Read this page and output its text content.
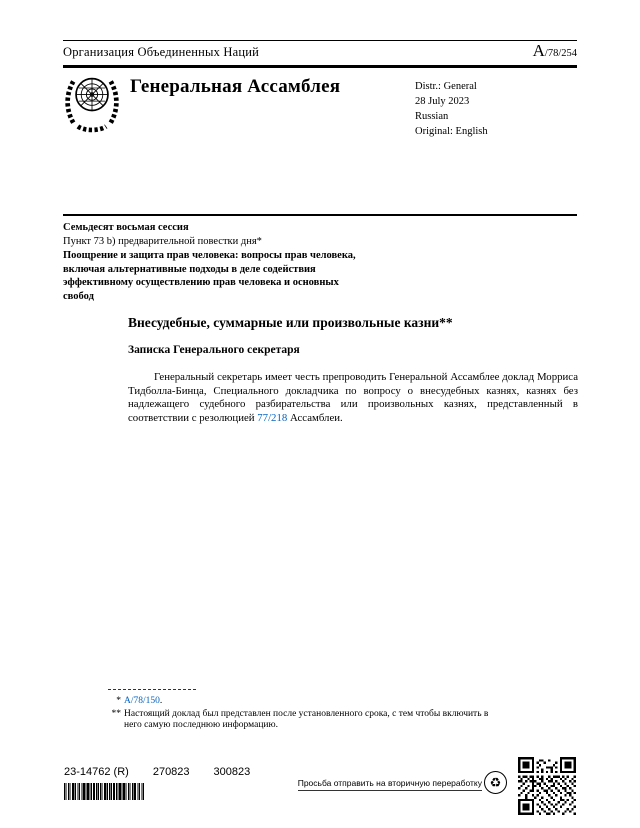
Организация Объединенных Наций	A/78/254
Генеральная Ассамблея	Distr.: General
28 July 2023
Russian
Original: English
Семьдесят восьмая сессия
Пункт 73 b) предварительной повестки дня*
Поощрение и защита прав человека: вопросы прав человека, включая альтернативные подходы в деле содействия эффективному осуществлению прав человека и основных свобод
Внесудебные, суммарные или произвольные казни**
Записка Генерального секретаря
Генеральный секретарь имеет честь препроводить Генеральной Ассамблее доклад Морриса Тидболла-Бинца, Специального докладчика по вопросу о внесудебных казнях, казнях без надлежащего судебного разбирательства или произвольных казнях, представленный в соответствии с резолюцией 77/218 Ассамблеи.
* A/78/150.
** Настоящий доклад был представлен после установленного срока, с тем чтобы включить в него самую последнюю информацию.
23-14762 (R) 270823 300823
Просьба отправить на вторичную переработку ♻
